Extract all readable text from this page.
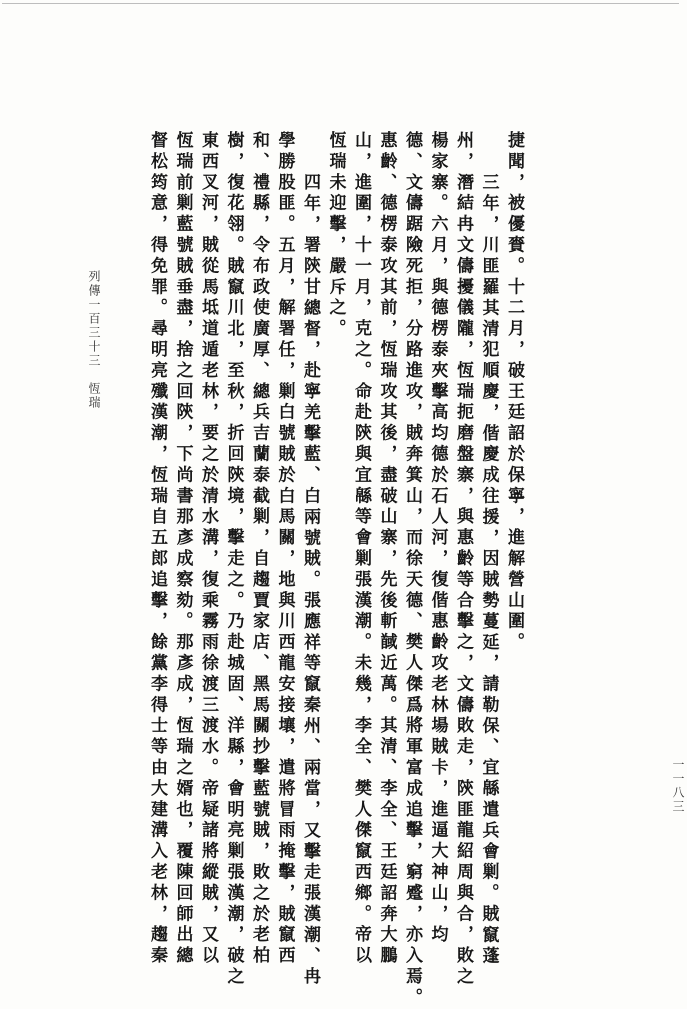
列傳一百三十三　恆瑞
一一八三
捷聞，被優賚。十二月，破王廷詔於保寧，進解營山圍。
三年，川匪羅其清犯順慶，偕慶成往援，因賊勢蔓延，請勒保、宜緜遣兵會剿。賊竄蓬
州，潛結冉文儔擾儀隴，恆瑞扼磨盤寨，與惠齡等合擊之，文儔敗走，陝匪龍紹周與合，敗之
楊家寨。六月，與德楞泰夾擊高均德於石人河，復偕惠齡攻老林場賊卡，進逼大神山，均
德、文儔踞險死拒，分路進攻，賊奔箕山，而徐天德、樊人傑爲將軍富成追擊，窮蹙，亦入焉。
惠齡、德楞泰攻其前，恆瑞攻其後，盡破山寨，先後斬馘近萬。其清、李全、王廷詔奔大鵬
山，進圍，十一月，克之。命赴陝與宜緜等會剿張漢潮。未幾，李全、樊人傑竄西鄉。帝以
恆瑞未迎擊，嚴斥之。
四年，署陝甘總督，赴寧羌擊藍、白兩號賊。張應祥等竄秦州、兩當，又擊走張漢潮、冉
學勝股匪。五月，解署任，剿白號賊於白馬關，地與川西龍安接壤，遣將冒雨掩擊，賊竄西
和、禮縣，令布政使廣厚、總兵吉蘭泰截剿，自趨賈家店、黑馬關抄擊藍號賊，敗之於老柏
樹，復花翎。賊竄川北，至秋，折回陝境，擊走之。乃赴城固、洋縣，會明亮剿張漢潮，破之
東西叉河，賊從馬坻道遁老林，要之於清水溝，復乘霧雨徐渡三渡水。帝疑諸將縱賊，又以
恆瑞前剿藍號賊垂盡，捨之回陝，下尚書那彥成察劾。那彥成，恆瑞之婿也，覆陳回師出總
督松筠意，得免罪。尋明亮殲漢潮，恆瑞自五郎追擊，餘黨李得士等由大建溝入老林，趨秦
